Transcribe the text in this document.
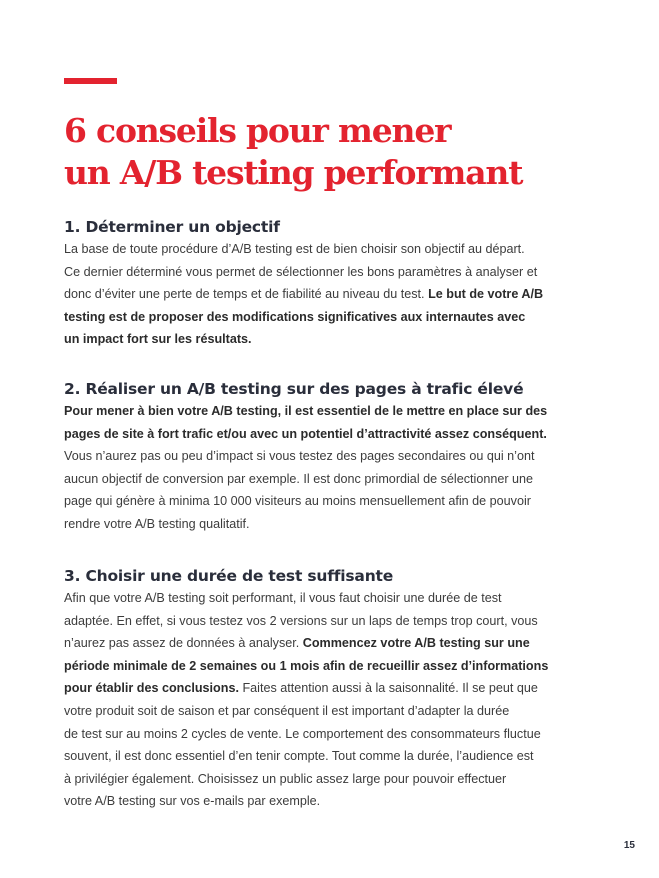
6 conseils pour mener
un A/B testing performant
1. Déterminer un objectif
La base de toute procédure d’A/B testing est de bien choisir son objectif au départ.
Ce dernier déterminé vous permet de sélectionner les bons paramètres à analyser et
donc d’éviter une perte de temps et de fiabilité au niveau du test. Le but de votre A/B
testing est de proposer des modifications significatives aux internautes avec
un impact fort sur les résultats.
2. Réaliser un A/B testing sur des pages à trafic élevé
Pour mener à bien votre A/B testing, il est essentiel de le mettre en place sur des
pages de site à fort trafic et/ou avec un potentiel d’attractivité assez conséquent.
Vous n’aurez pas ou peu d’impact si vous testez des pages secondaires ou qui n’ont
aucun objectif de conversion par exemple. Il est donc primordial de sélectionner une
page qui génère à minima 10 000 visiteurs au moins mensuellement afin de pouvoir
rendre votre A/B testing qualitatif.
3. Choisir une durée de test suffisante
Afin que votre A/B testing soit performant, il vous faut choisir une durée de test
adaptée. En effet, si vous testez vos 2 versions sur un laps de temps trop court, vous
n’aurez pas assez de données à analyser. Commencez votre A/B testing sur une
période minimale de 2 semaines ou 1 mois afin de recueillir assez d’informations
pour établir des conclusions. Faites attention aussi à la saisonnalité. Il se peut que
votre produit soit de saison et par conséquent il est important d’adapter la durée
de test sur au moins 2 cycles de vente. Le comportement des consommateurs fluctue
souvent, il est donc essentiel d’en tenir compte. Tout comme la durée, l’audience est
à privilégier également. Choisissez un public assez large pour pouvoir effectuer
votre A/B testing sur vos e-mails par exemple.
15
